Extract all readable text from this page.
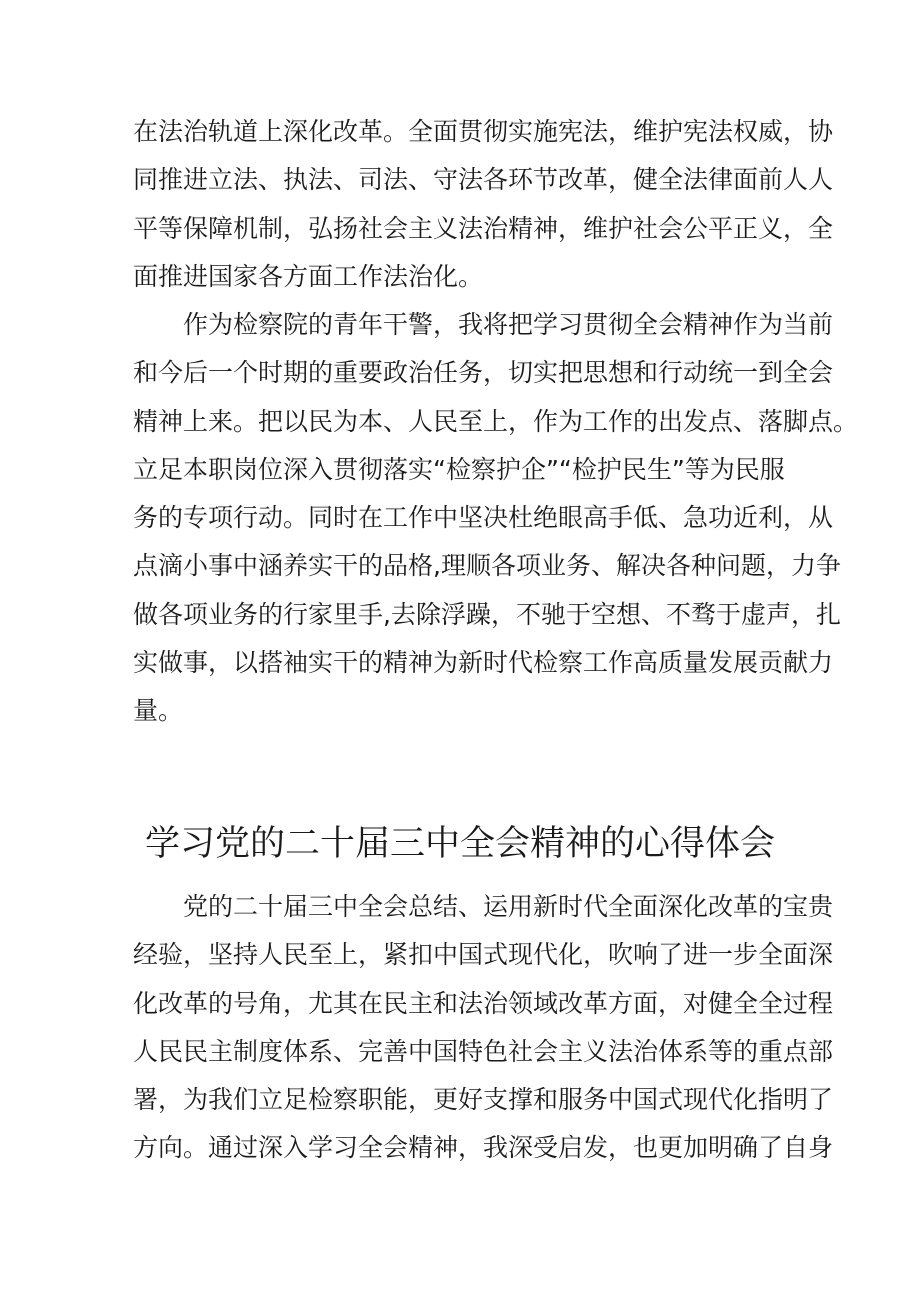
在法治轨道上深化改革。全面贯彻实施宪法，维护宪法权威，协
同推进立法、执法、司法、守法各环节改革，健全法律面前人人
平等保障机制，弘扬社会主义法治精神，维护社会公平正义，全
面推进国家各方面工作法治化。
作为检察院的青年干警，我将把学习贯彻全会精神作为当前
和今后一个时期的重要政治任务，切实把思想和行动统一到全会
精神上来。把以民为本、人民至上，作为工作的出发点、落脚点。
立足本职岗位深入贯彻落实“检察护企”“检护民生”等为民服
务的专项行动。同时在工作中坚决杜绝眼高手低、急功近利，从
点滴小事中涵养实干的品格,理顺各项业务、解决各种问题，力争
做各项业务的行家里手,去除浮躁，不驰于空想、不骛于虚声，扎
实做事，以搭袖实干的精神为新时代检察工作高质量发展贡献力
量。
学习党的二十届三中全会精神的心得体会
党的二十届三中全会总结、运用新时代全面深化改革的宝贵
经验，坚持人民至上，紧扣中国式现代化，吹响了进一步全面深
化改革的号角，尤其在民主和法治领域改革方面，对健全全过程
人民民主制度体系、完善中国特色社会主义法治体系等的重点部
署，为我们立足检察职能，更好支撑和服务中国式现代化指明了
方向。通过深入学习全会精神，我深受启发，也更加明确了自身
